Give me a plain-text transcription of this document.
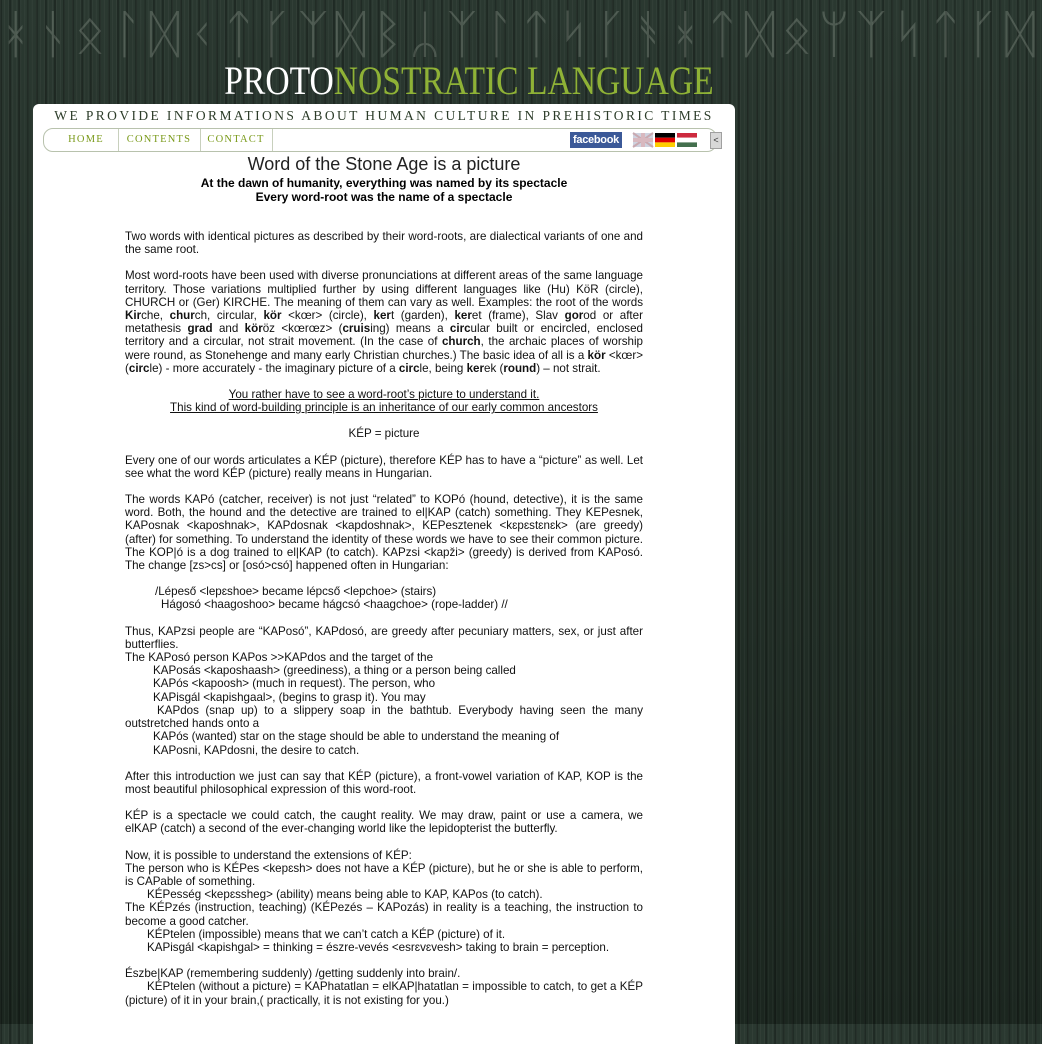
ᚼᚾᛟᛚᛞᚲᛏᚴᛉᛞᛒᛦᛉᛚᛏᛋᚴᚬᚼᛏᛞᛟᛘᛉᛋᛏᚴᛞ
PROTONOSTRATIC LANGUAGE
WE PROVIDE INFORMATIONS ABOUT HUMAN CULTURE IN PREHISTORIC TIMES
HOME	CONTENTS	CONTACT	facebook	<
Word of the Stone Age is a picture
At the dawn of humanity, everything was named by its spectacle
Every word-root was the name of a spectacle

Two words with identical pictures as described by their word-roots, are dialectical variants of one and the same root.

Most word-roots have been used with diverse pronunciations at different areas of the same language territory. Those variations multiplied further by using different languages like (Hu) KöR (circle), CHURCH or (Ger) KIRCHE. The meaning of them can vary as well. Examples: the root of the words Kirche, church, circular, kör <kœr> (circle), kert (garden), keret (frame), Slav gorod or after metathesis grad and köröz <kœrœz> (cruising) means a circular built or encircled, enclosed territory and a circular, not strait movement. (In the case of church, the archaic places of worship were round, as Stonehenge and many early Christian churches.) The basic idea of all is a kör <kœr> (circle) - more accurately - the imaginary picture of a circle, being kerek (round) – not strait.

You rather have to see a word-root’s picture to understand it.
This kind of word-building principle is an inheritance of our early common ancestors

KÉP = picture

Every one of our words articulates a KÉP (picture), therefore KÉP has to have a “picture” as well. Let see what the word KÉP (picture) really means in Hungarian.

The words KAPó (catcher, receiver) is not just “related” to KOPó (hound, detective), it is the same word. Both, the hound and the detective are trained to el|KAP (catch) something. They KEPesnek, KAPosnak <kaposhnak>, KAPdosnak <kapdoshnak>, KEPesztenek <kɛpɛstɛnɛk> (are greedy) (after) for something. To understand the identity of these words we have to see their common picture. The KOP|ó is a dog trained to el|KAP (to catch). KAPzsi <kapži> (greedy) is derived from KAPosó. The change [zs>cs] or [osó>csó] happened often in Hungarian:

/Lépeső <lepɛshoe> became lépcső <lepchoe> (stairs)
Hágosó <haagoshoo> became hágcsó <haagchoe> (rope-ladder) //

Thus, KAPzsi people are “KAPosó”, KAPdosó, are greedy after pecuniary matters, sex, or just after butterflies.
The KAPosó person KAPos >>KAPdos and the target of the
KAPosás <kaposhaash> (greediness), a thing or a person being called
KAPós <kapoosh> (much in request). The person, who
KAPisgál <kapishgaal>, (begins to grasp it). You may
KAPdos (snap up) to a slippery soap in the bathtub. Everybody having seen the many outstretched hands onto a
KAPós (wanted) star on the stage should be able to understand the meaning of
KAPosni, KAPdosni, the desire to catch.

After this introduction we just can say that KÉP (picture), a front-vowel variation of KAP, KOP is the most beautiful philosophical expression of this word-root.

KÉP is a spectacle we could catch, the caught reality. We may draw, paint or use a camera, we elKAP (catch) a second of the ever-changing world like the lepidopterist the butterfly.

Now, it is possible to understand the extensions of KÉP:
The person who is KÉPes <kepɛsh> does not have a KÉP (picture), but he or she is able to perform, is CAPable of something.
KÉPesség <kepɛssheg> (ability) means being able to KAP, KAPos (to catch).
The KÉPzés (instruction, teaching) (KÉPezés – KAPozás) in reality is a teaching, the instruction to become a good catcher.
KÉPtelen (impossible) means that we can’t catch a KÉP (picture) of it.
KAPisgál <kapishgal> = thinking = észre-vevés <esrɛvɛvesh> taking to brain = perception.

Észbe|KAP (remembering suddenly) /getting suddenly into brain/.
KÉPtelen (without a picture) = KAPhatatlan = elKAP|hatatlan = impossible to catch, to get a KÉP (picture) of it in your brain,( practically, it is not existing for you.)
